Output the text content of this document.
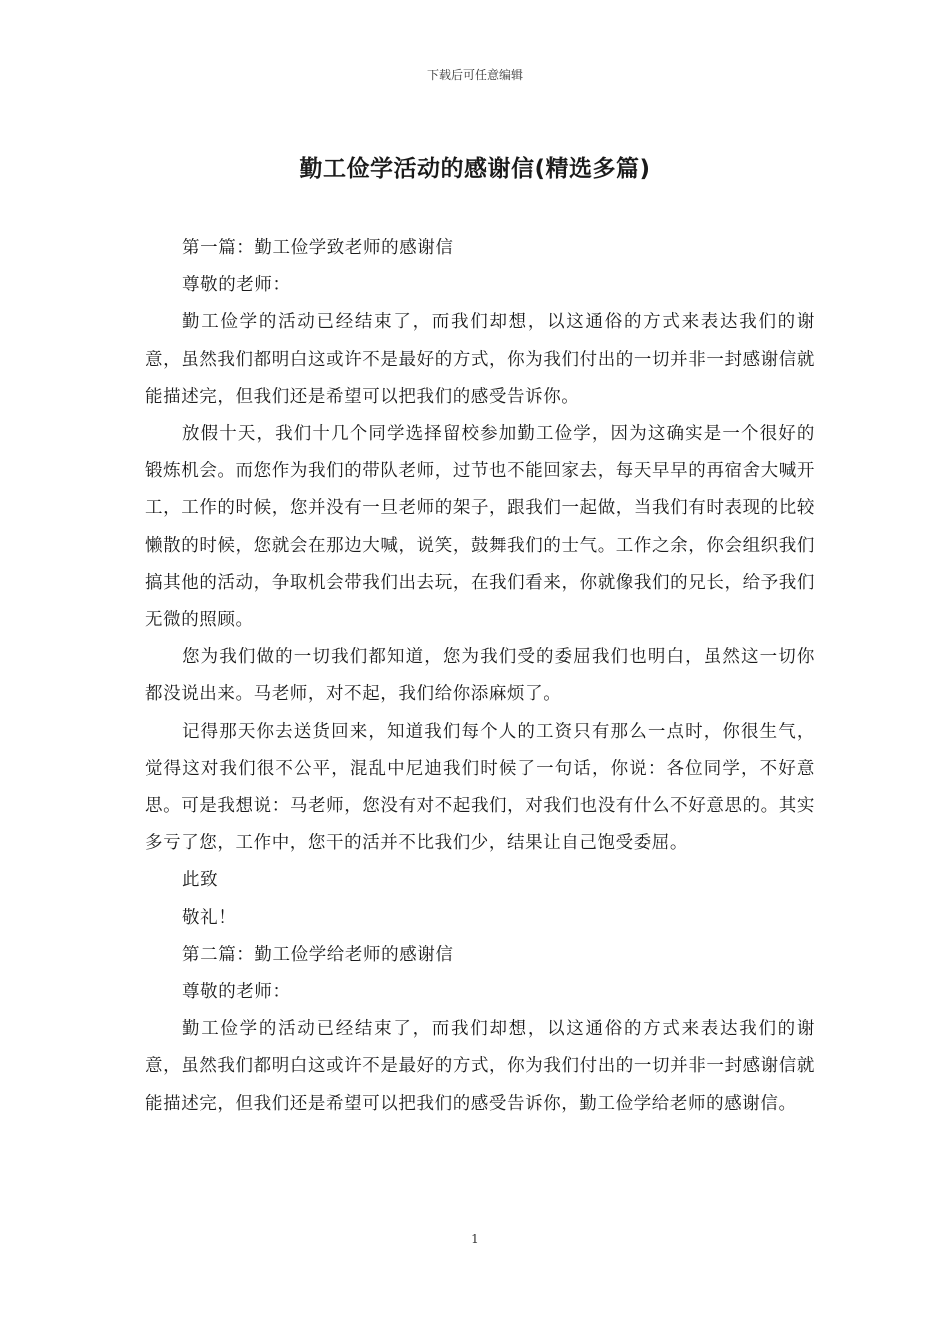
下载后可任意编辑
勤工俭学活动的感谢信(精选多篇)

第一篇：勤工俭学致老师的感谢信

尊敬的老师：

勤工俭学的活动已经结束了，而我们却想，以这通俗的方式来表达我们的谢意，虽然我们都明白这或许不是最好的方式，你为我们付出的一切并非一封感谢信就能描述完，但我们还是希望可以把我们的感受告诉你。

放假十天，我们十几个同学选择留校参加勤工俭学，因为这确实是一个很好的锻炼机会。而您作为我们的带队老师，过节也不能回家去，每天早早的再宿舍大喊开工，工作的时候，您并没有一旦老师的架子，跟我们一起做，当我们有时表现的比较懒散的时候，您就会在那边大喊，说笑，鼓舞我们的士气。工作之余，你会组织我们搞其他的活动，争取机会带我们出去玩，在我们看来，你就像我们的兄长，给予我们无微的照顾。

您为我们做的一切我们都知道，您为我们受的委屈我们也明白，虽然这一切你都没说出来。马老师，对不起，我们给你添麻烦了。

记得那天你去送货回来，知道我们每个人的工资只有那么一点时，你很生气，觉得这对我们很不公平，混乱中尼迪我们时候了一句话，你说：各位同学，不好意思。可是我想说：马老师，您没有对不起我们，对我们也没有什么不好意思的。其实多亏了您，工作中，您干的活并不比我们少，结果让自己饱受委屈。

此致

敬礼！

第二篇：勤工俭学给老师的感谢信

尊敬的老师：

勤工俭学的活动已经结束了，而我们却想，以这通俗的方式来表达我们的谢意，虽然我们都明白这或许不是最好的方式，你为我们付出的一切并非一封感谢信就能描述完，但我们还是希望可以把我们的感受告诉你，勤工俭学给老师的感谢信。

1
